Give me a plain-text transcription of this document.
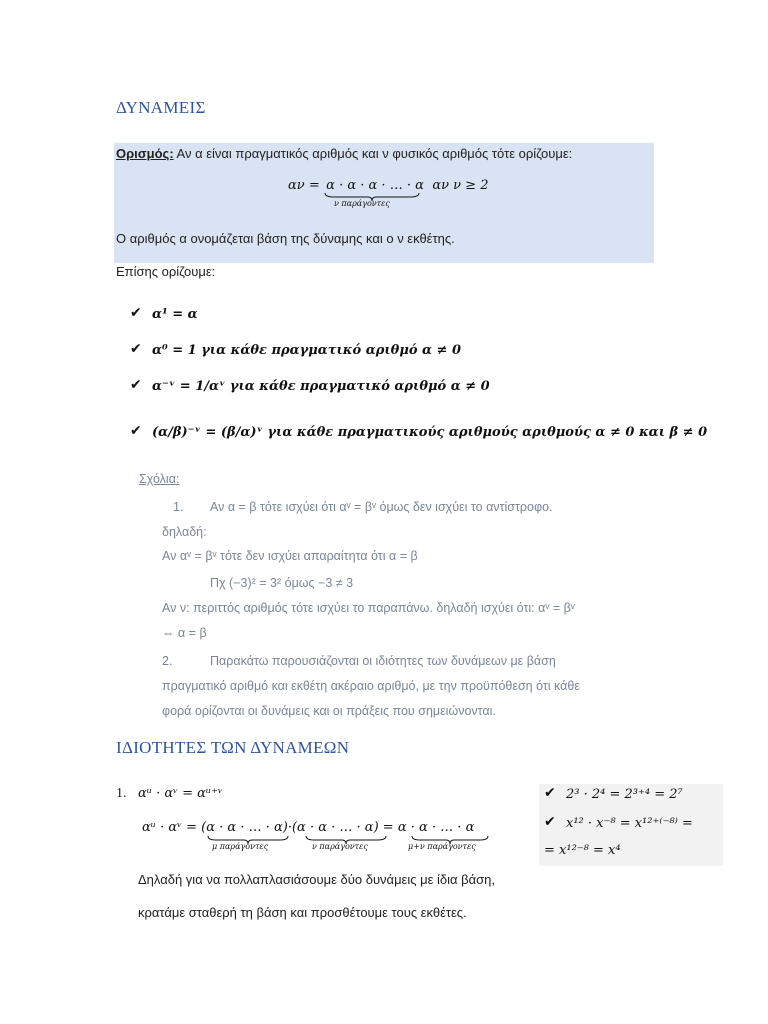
ΔΥΝΑΜΕΙΣ
Ορισμός: Αν α είναι πραγματικός αριθμός και ν φυσικός αριθμός τότε ορίζουμε:
αν = α · α · α · … · α αν ν ≥ 2
ν παράγοντες
Ο αριθμός α ονομάζεται βάση της δύναμης και ο ν εκθέτης.
Επίσης ορίζουμε:
✔ α¹ = α
✔ α⁰ = 1 για κάθε πραγματικό αριθμό α ≠ 0
✔ α⁻ᵛ = 1/αᵛ για κάθε πραγματικό αριθμό α ≠ 0
✔ (α/β)⁻ᵛ = (β/α)ᵛ για κάθε πραγματικούς αριθμούς αριθμούς α ≠ 0 και β ≠ 0
Σχόλια:
1. Αν α = β τότε ισχύει ότι αᵛ = βᵛ όμως δεν ισχύει το αντίστροφο.
δηλαδή:
Αν αᵛ = βᵛ τότε δεν ισχύει απαραίτητα ότι α = β
Πχ (−3)² = 3² όμως −3 ≠ 3
Αν ν: περιττός αριθμός τότε ισχύει το παραπάνω. δηλαδή ισχύει ότι: αᵛ = βᵛ
⇔ α = β
2.	Παρακάτω παρουσιάζονται οι ιδιότητες των δυνάμεων με βάση
πραγματικό αριθμό και εκθέτη ακέραιο αριθμό, με την προϋπόθεση ότι κάθε
φορά ορίζονται οι δυνάμεις και οι πράξεις που σημειώνονται.
ΙΔΙΟΤΗΤΕΣ ΤΩΝ ΔΥΝΑΜΕΩΝ
1. αᵘ · αᵛ = αᵘ⁺ᵛ
αᵘ · αᵛ = (α · α · … · α)·(α · α · … · α) = α · α · … · α
μ παράγοντες	ν παράγοντες	μ+ν παράγοντες
Δηλαδή για να πολλαπλασιάσουμε δύο δυνάμεις με ίδια βάση,
κρατάμε σταθερή τη βάση και προσθέτουμε τους εκθέτες.
✔ 2³ · 2⁴ = 2³⁺⁴ = 2⁷
✔ x¹² · x⁻⁸ = x¹²⁺⁽⁻⁸⁾ =
= x¹²⁻⁸ = x⁴
